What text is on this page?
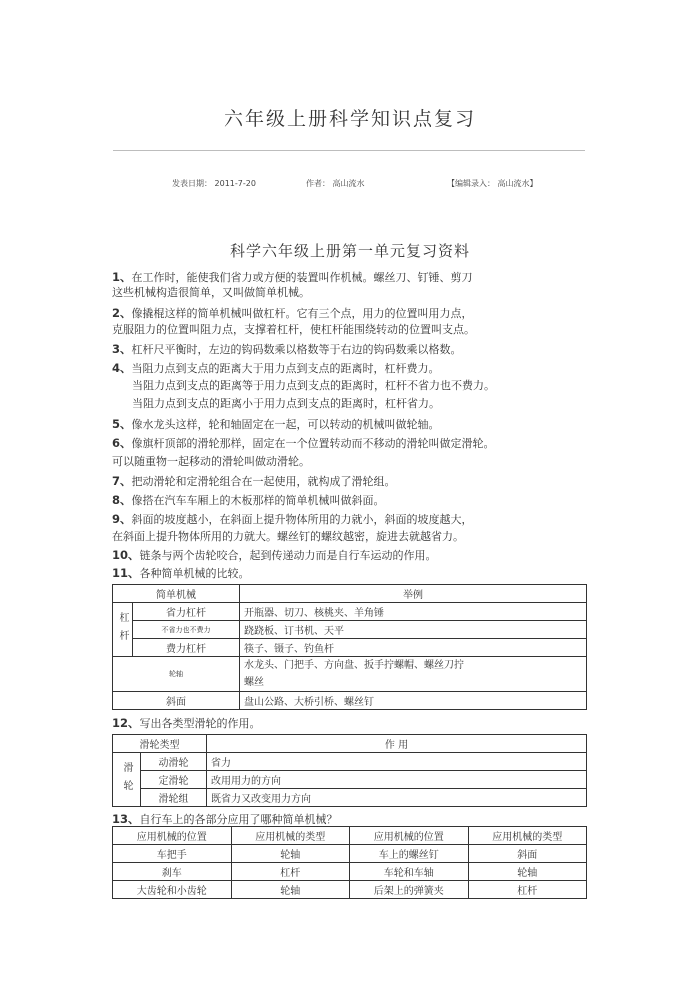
六年级上册科学知识点复习
发表日期： 2011-7-20	作者： 高山流水	【编辑录入： 高山流水】
科学六年级上册第一单元复习资料
1、在工作时，能使我们省力或方便的装置叫作机械。螺丝刀、钉锤、剪刀
这些机械构造很简单，又叫做简单机械。
2、像撬棍这样的简单机械叫做杠杆。它有三个点，用力的位置叫用力点，
克服阻力的位置叫阻力点，支撑着杠杆，使杠杆能围绕转动的位置叫支点。
3、杠杆尺平衡时，左边的钩码数乘以格数等于右边的钩码数乘以格数。
4、当阻力点到支点的距离大于用力点到支点的距离时，杠杆费力。
当阻力点到支点的距离等于用力点到支点的距离时，杠杆不省力也不费力。
当阻力点到支点的距离小于用力点到支点的距离时，杠杆省力。
5、像水龙头这样，轮和轴固定在一起，可以转动的机械叫做轮轴。
6、像旗杆顶部的滑轮那样，固定在一个位置转动而不移动的滑轮叫做定滑轮。
可以随重物一起移动的滑轮叫做动滑轮。
7、把动滑轮和定滑轮组合在一起使用，就构成了滑轮组。
8、像搭在汽车车厢上的木板那样的简单机械叫做斜面。
9、斜面的坡度越小，在斜面上提升物体所用的力就小，斜面的坡度越大，
在斜面上提升物体所用的力就大。螺丝钉的螺纹越密，旋进去就越省力。
10、链条与两个齿轮咬合，起到传递动力而是自行车运动的作用。
11、各种简单机械的比较。
简单机械		举例
杠杆	省力杠杆	开瓶器、切刀、核桃夹、羊角锤
	不省力也不费力	跷跷板、订书机、天平
	费力杠杆	筷子、镊子、钓鱼杆
轮轴		水龙头、门把手、方向盘、扳手拧螺帽、螺丝刀拧
螺丝
斜面		盘山公路、大桥引桥、螺丝钉
12、写出各类型滑轮的作用。
滑轮类型		作 用
滑轮	动滑轮	省力
	定滑轮	改用用力的方向
	滑轮组	既省力又改变用力方向
13、自行车上的各部分应用了哪种简单机械？
应用机械的位置	应用机械的类型	应用机械的位置	应用机械的类型
车把手	轮轴	车上的螺丝钉	斜面
刹车	杠杆	车轮和车轴	轮轴
大齿轮和小齿轮	轮轴	后架上的弹簧夹	杠杆
